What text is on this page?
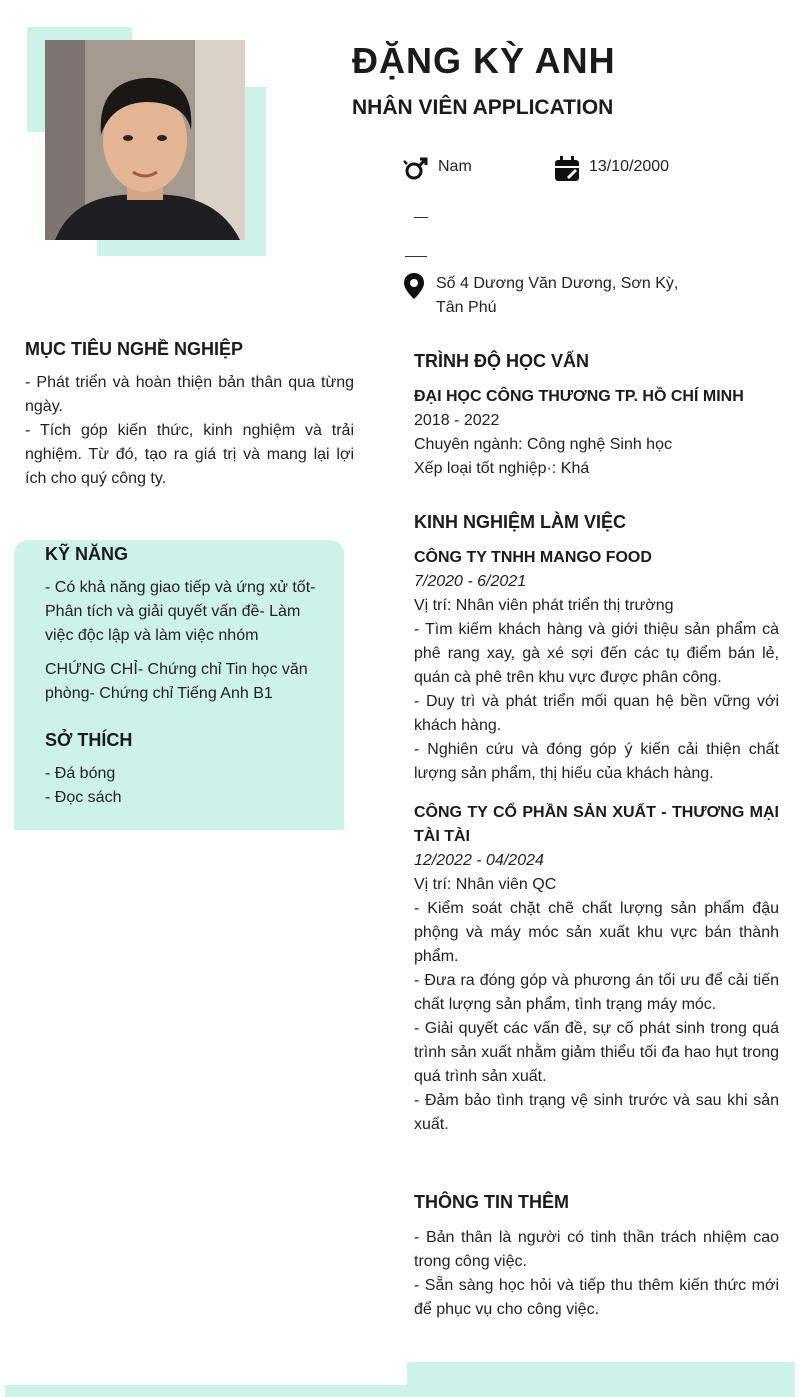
ĐẶNG KỲ ANH
NHÂN VIÊN APPLICATION
Nam	13/10/2000
Số 4 Dương Văn Dương, Sơn Kỳ,
Tân Phú
MỤC TIÊU NGHỀ NGHIỆP

- Phát triển và hoàn thiện bản thân qua từng ngày.

- Tích góp kiến thức, kinh nghiệm và trải nghiệm. Từ đó, tạo ra giá trị và mang lại lợi ích cho quý công ty.

KỸ NĂNG
- Có khả năng giao tiếp và ứng xử tốt- Phân tích và giải quyết vấn đề- Làm việc độc lập và làm việc nhóm
CHỨNG CHỈ- Chứng chỉ Tin học văn phòng- Chứng chỉ Tiếng Anh B1
SỞ THÍCH

- Đá bóng

- Đọc sách

TRÌNH ĐỘ HỌC VẤN
ĐẠI HỌC CÔNG THƯƠNG TP. HỒ CHÍ MINH
2018 - 2022
Chuyên ngành: Công nghệ Sinh học
Xếp loại tốt nghiệp·: Khá
KINH NGHIỆM LÀM VIỆC
CÔNG TY TNHH MANGO FOOD
7/2020 - 6/2021
Vị trí: Nhân viên phát triển thị trường
- Tìm kiếm khách hàng và giới thiệu sản phẩm cà phê rang xay, gà xé sợi đến các tụ điểm bán lẻ, quán cà phê trên khu vực được phân công.
- Duy trì và phát triển mối quan hệ bền vững với khách hàng.
- Nghiên cứu và đóng góp ý kiến cải thiện chất lượng sản phẩm, thị hiếu của khách hàng.
CÔNG TY CỔ PHẦN SẢN XUẤT - THƯƠNG MẠI TÀI TÀI
12/2022 - 04/2024
Vị trí: Nhân viên QC
- Kiểm soát chặt chẽ chất lượng sản phẩm đậu phộng và máy móc sản xuất khu vực bán thành phẩm.
- Đưa ra đóng góp và phương án tối ưu để cải tiến chất lượng sản phẩm, tình trạng máy móc.
- Giải quyết các vấn đề, sự cố phát sinh trong quá trình sản xuất nhằm giảm thiểu tối đa hao hụt trong quá trình sản xuất.
- Đảm bảo tình trạng vệ sinh trước và sau khi sản xuất.
THÔNG TIN THÊM
- Bản thân là người có tinh thần trách nhiệm cao trong công việc.
- Sẵn sàng học hỏi và tiếp thu thêm kiến thức mới để phục vụ cho công việc.
